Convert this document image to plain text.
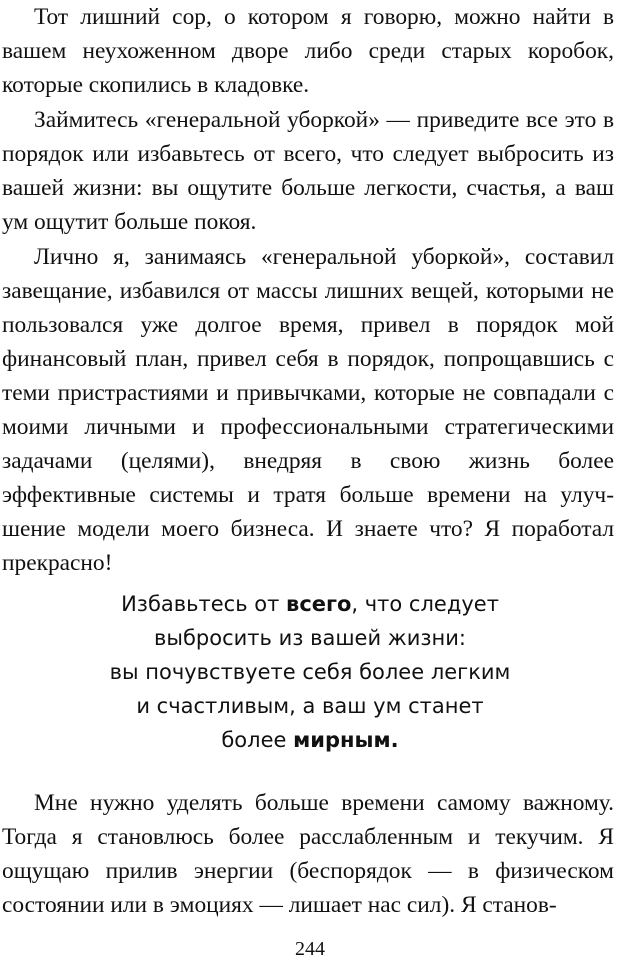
Тот лишний сор, о котором я говорю, можно найти в вашем неухоженном дворе либо среди старых коробок, которые скопились в кладовке.

Займитесь «генеральной уборкой» — приведите все это в порядок или избавьтесь от всего, что следует выбросить из вашей жизни: вы ощутите больше легкости, счастья, а ваш ум ощутит больше покоя.

Лично я, занимаясь «генеральной уборкой», составил завещание, избавился от массы лишних вещей, которыми не пользовался уже долгое время, привел в порядок мой финансовый план, привел себя в порядок, попрощавшись с теми пристрастиями и привычками, которые не совпадали с моими личными и профессиональными стратегическими задачами (целями), внедряя в свою жизнь более эффективные системы и тратя больше времени на улучшение модели моего бизнеса. И знаете что? Я поработал прекрасно!

Избавьтесь от всего, что следует
выбросить из вашей жизни:
вы почувствуете себя более легким
и счастливым, а ваш ум станет
более мирным.

Мне нужно уделять больше времени самому важному. Тогда я становлюсь более расслабленным и текучим. Я ощущаю прилив энергии (беспорядок — в физическом состоянии или в эмоциях — лишает нас сил). Я станов-

244
